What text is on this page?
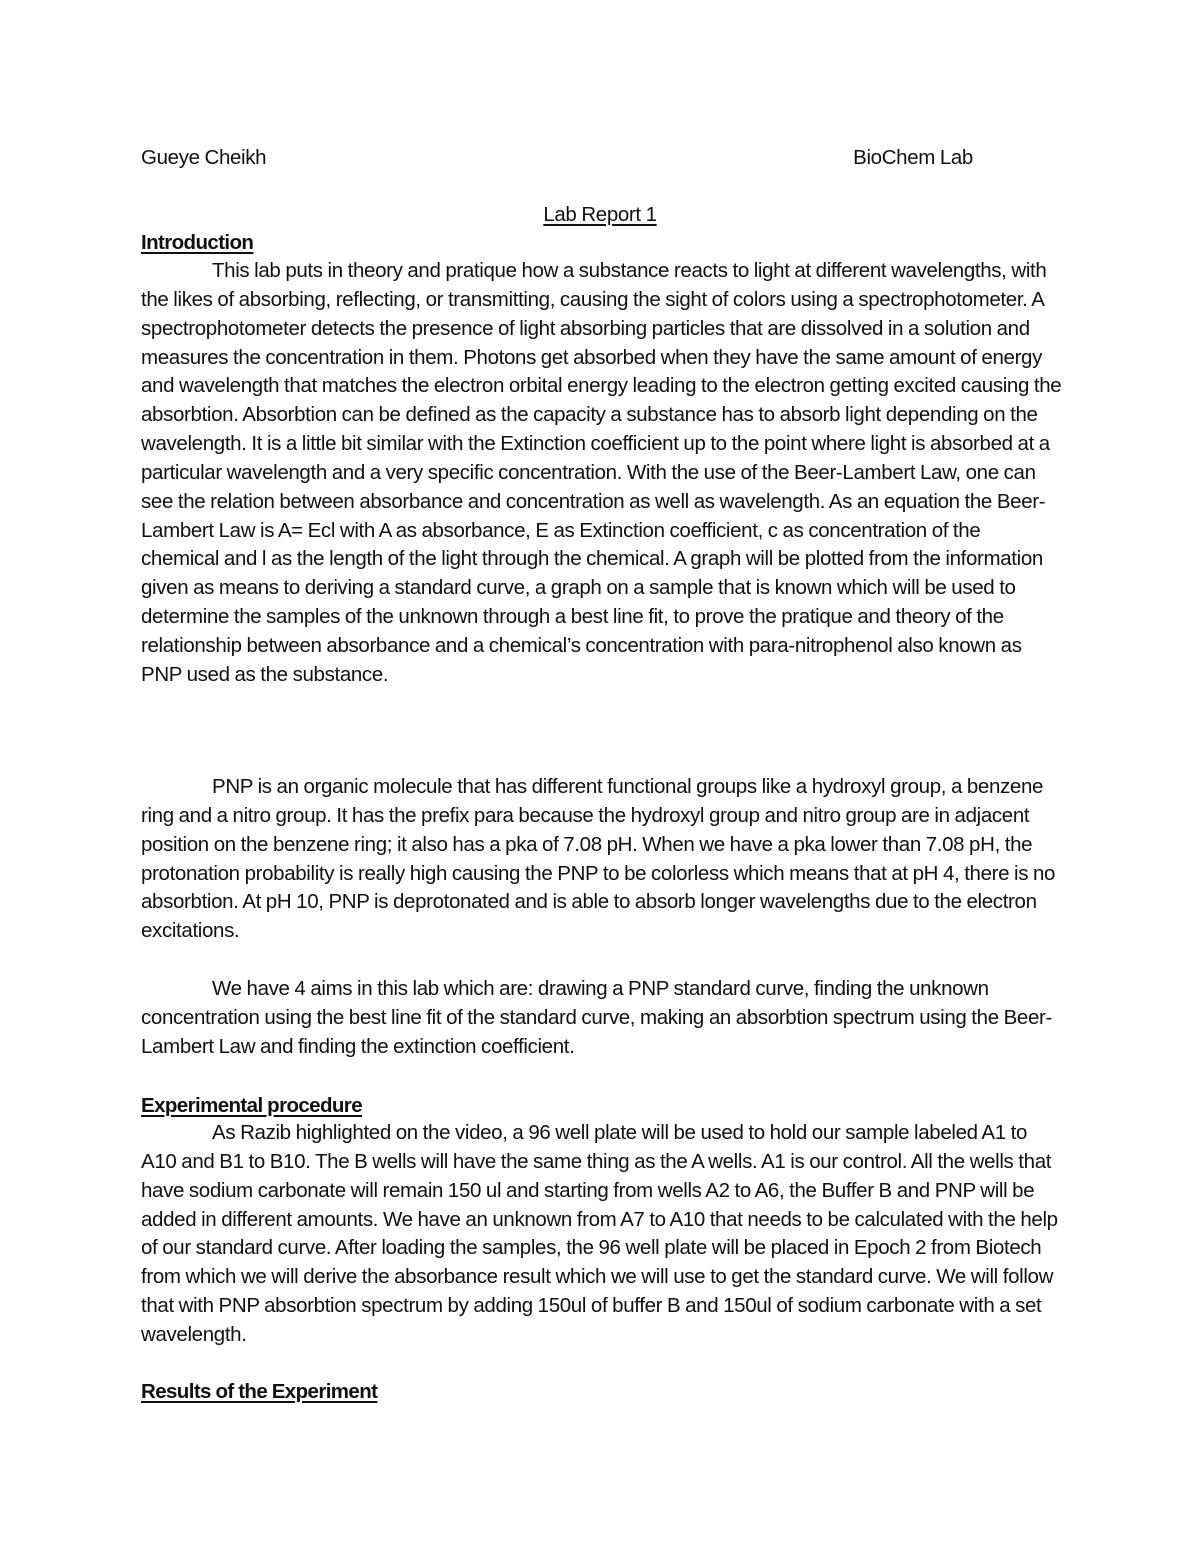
Gueye Cheikh	BioChem Lab
Lab Report 1
Introduction

This lab puts in theory and pratique how a substance reacts to light at different wavelengths, with the likes of absorbing, reflecting, or transmitting, causing the sight of colors using a spectrophotometer. A spectrophotometer detects the presence of light absorbing particles that are dissolved in a solution and measures the concentration in them. Photons get absorbed when they have the same amount of energy and wavelength that matches the electron orbital energy leading to the electron getting excited causing the absorbtion. Absorbtion can be defined as the capacity a substance has to absorb light depending on the wavelength. It is a little bit similar with the Extinction coefficient up to the point where light is absorbed at a particular wavelength and a very specific concentration. With the use of the Beer-Lambert Law, one can see the relation between absorbance and concentration as well as wavelength. As an equation the Beer-Lambert Law is A= Ecl with A as absorbance, E as Extinction coefficient, c as concentration of the chemical and l as the length of the light through the chemical. A graph will be plotted from the information given as means to deriving a standard curve, a graph on a sample that is known which will be used to determine the samples of the unknown through a best line fit, to prove the pratique and theory of the relationship between absorbance and a chemical’s concentration with para-nitrophenol also known as PNP used as the substance.

PNP is an organic molecule that has different functional groups like a hydroxyl group, a benzene ring and a nitro group. It has the prefix para because the hydroxyl group and nitro group are in adjacent position on the benzene ring; it also has a pka of 7.08 pH. When we have a pka lower than 7.08 pH, the protonation probability is really high causing the PNP to be colorless which means that at pH 4, there is no absorbtion. At pH 10, PNP is deprotonated and is able to absorb longer wavelengths due to the electron excitations.

We have 4 aims in this lab which are: drawing a PNP standard curve, finding the unknown concentration using the best line fit of the standard curve, making an absorbtion spectrum using the Beer-Lambert Law and finding the extinction coefficient.

Experimental procedure

As Razib highlighted on the video, a 96 well plate will be used to hold our sample labeled A1 to A10 and B1 to B10. The B wells will have the same thing as the A wells. A1 is our control. All the wells that have sodium carbonate will remain 150 ul and starting from wells A2 to A6, the Buffer B and PNP will be added in different amounts. We have an unknown from A7 to A10 that needs to be calculated with the help of our standard curve. After loading the samples, the 96 well plate will be placed in Epoch 2 from Biotech from which we will derive the absorbance result which we will use to get the standard curve. We will follow that with PNP absorbtion spectrum by adding 150ul of buffer B and 150ul of sodium carbonate with a set wavelength.

Results of the Experiment
